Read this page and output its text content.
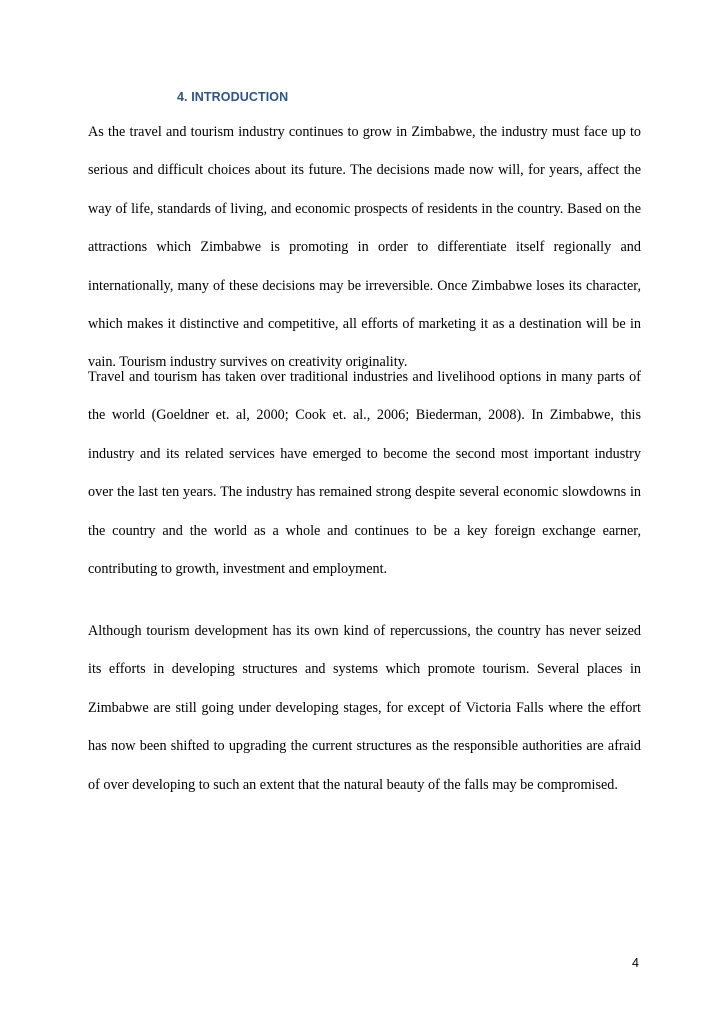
4. INTRODUCTION

As the travel and tourism industry continues to grow in Zimbabwe, the industry must face up to serious and difficult choices about its future. The decisions made now will, for years, affect the way of life, standards of living, and economic prospects of residents in the country. Based on the attractions which Zimbabwe is promoting in order to differentiate itself regionally and internationally, many of these decisions may be irreversible. Once Zimbabwe loses its character, which makes it distinctive and competitive, all efforts of marketing it as a destination will be in vain. Tourism industry survives on creativity originality.

Travel and tourism has taken over traditional industries and livelihood options in many parts of the world (Goeldner et. al, 2000; Cook et. al., 2006; Biederman, 2008). In Zimbabwe, this industry and its related services have emerged to become the second most important industry over the last ten years. The industry has remained strong despite several economic slowdowns in the country and the world as a whole and continues to be a key foreign exchange earner, contributing to growth, investment and employment.

Although tourism development has its own kind of repercussions, the country has never seized its efforts in developing structures and systems which promote tourism. Several places in Zimbabwe are still going under developing stages, for except of Victoria Falls where the effort has now been shifted to upgrading the current structures as the responsible authorities are afraid of over developing to such an extent that the natural beauty of the falls may be compromised.

4
